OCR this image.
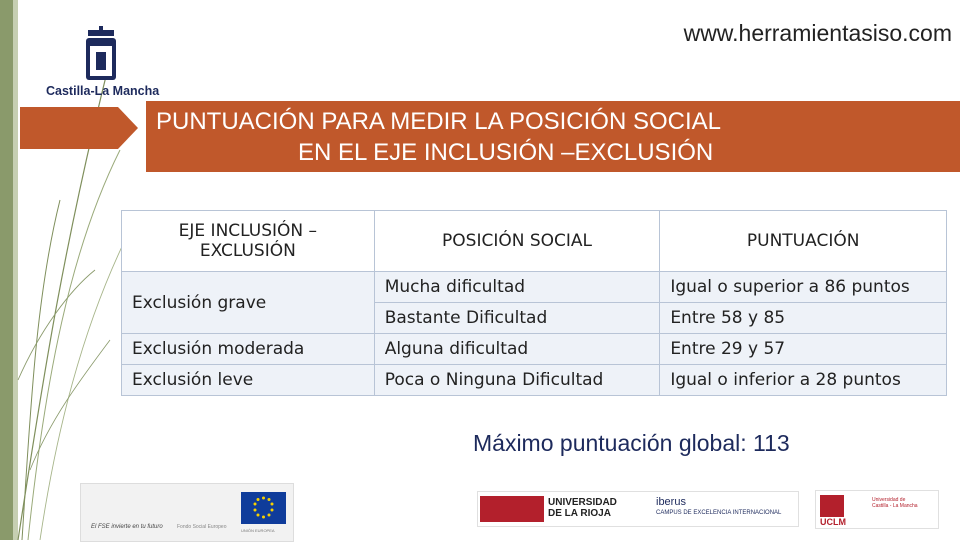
Castilla-La Mancha
www.herramientasiso.com
PUNTUACIÓN PARA MEDIR LA POSICIÓN SOCIAL
EN EL EJE INCLUSIÓN –EXCLUSIÓN
EJE INCLUSIÓN – EXCLUSIÓN	POSICIÓN SOCIAL	PUNTUACIÓN
Exclusión grave	Mucha dificultad	Igual o superior a 86 puntos
	Bastante Dificultad	Entre 58 y 85
Exclusión moderada	Alguna dificultad	Entre 29 y 57
Exclusión leve	Poca o Ninguna Dificultad	Igual o inferior a 28 puntos
Máximo puntuación global: 113
El FSE invierte en tu futuro	Fondo Social Europeo
UNIÓN EUROPEA
UNIVERSIDAD
DE LA RIOJA
iberus
CAMPUS DE EXCELENCIA INTERNACIONAL
UCLM
Universidad de
Castilla - La Mancha
